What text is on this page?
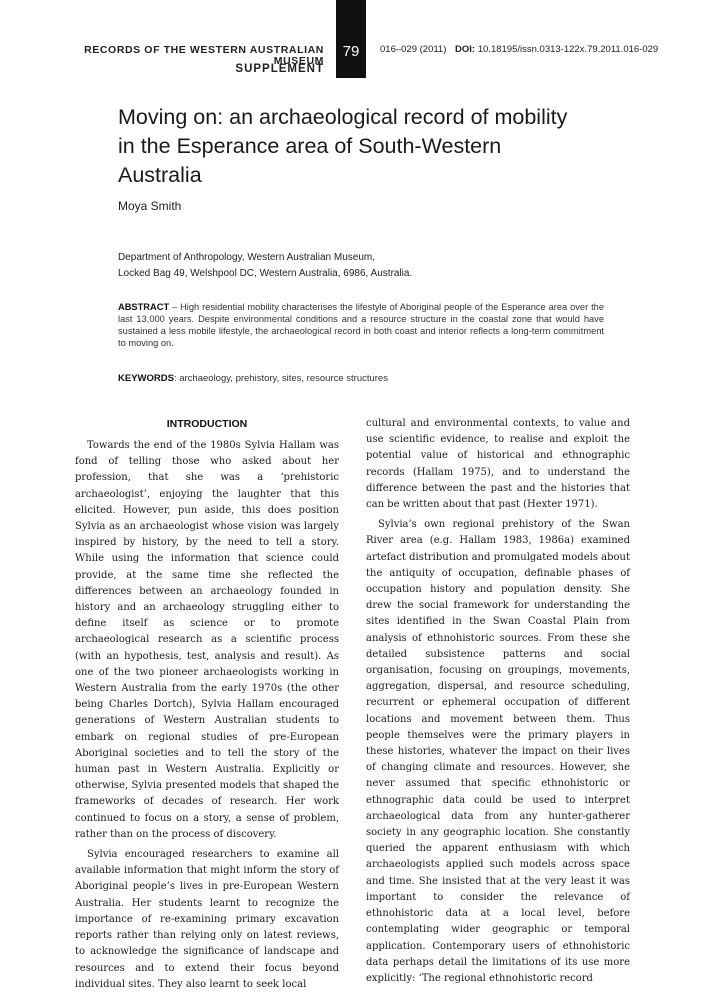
RECORDS OF THE WESTERN AUSTRALIAN MUSEUM
SUPPLEMENT
79	016–029 (2011) DOI: 10.18195/issn.0313-122x.79.2011.016-029
Moving on: an archaeological record of mobility in the Esperance area of South-Western Australia
Moya Smith
Department of Anthropology, Western Australian Museum,
Locked Bag 49, Welshpool DC, Western Australia, 6986, Australia.

ABSTRACT – High residential mobility characterises the lifestyle of Aboriginal people of the Esperance area over the last 13,000 years. Despite environmental conditions and a resource structure in the coastal zone that would have sustained a less mobile lifestyle, the archaeological record in both coast and interior reflects a long-term commitment to moving on.

KEYWORDS: archaeology, prehistory, sites, resource structures

INTRODUCTION

Towards the end of the 1980s Sylvia Hallam was fond of telling those who asked about her profession, that she was a ‘prehistoric archaeologist’, enjoying the laughter that this elicited. However, pun aside, this does position Sylvia as an archaeologist whose vision was largely inspired by history, by the need to tell a story. While using the information that science could provide, at the same time she reflected the differences between an archaeology founded in history and an archaeology struggling either to define itself as science or to promote archaeological research as a scientific process (with an hypothesis, test, analysis and result). As one of the two pioneer archaeologists working in Western Australia from the early 1970s (the other being Charles Dortch), Sylvia Hallam encouraged generations of Western Australian students to embark on regional studies of pre-European Aboriginal societies and to tell the story of the human past in Western Australia. Explicitly or otherwise, Sylvia presented models that shaped the frameworks of decades of research. Her work continued to focus on a story, a sense of problem, rather than on the process of discovery.

Sylvia encouraged researchers to examine all available information that might inform the story of Aboriginal people’s lives in pre-European Western Australia. Her students learnt to recognize the importance of re-examining primary excavation reports rather than relying only on latest reviews, to acknowledge the significance of landscape and resources and to extend their focus beyond individual sites. They also learnt to seek local

cultural and environmental contexts, to value and use scientific evidence, to realise and exploit the potential value of historical and ethnographic records (Hallam 1975), and to understand the difference between the past and the histories that can be written about that past (Hexter 1971).

Sylvia’s own regional prehistory of the Swan River area (e.g. Hallam 1983, 1986a) examined artefact distribution and promulgated models about the antiquity of occupation, definable phases of occupation history and population density. She drew the social framework for understanding the sites identified in the Swan Coastal Plain from analysis of ethnohistoric sources. From these she detailed subsistence patterns and social organisation, focusing on groupings, movements, aggregation, dispersal, and resource scheduling, recurrent or ephemeral occupation of different locations and movement between them. Thus people themselves were the primary players in these histories, whatever the impact on their lives of changing climate and resources. However, she never assumed that specific ethnohistoric or ethnographic data could be used to interpret archaeological data from any hunter-gatherer society in any geographic location. She constantly queried the apparent enthusiasm with which archaeologists applied such models across space and time. She insisted that at the very least it was important to consider the relevance of ethnohistoric data at a local level, before contemplating wider geographic or temporal application. Contemporary users of ethnohistoric data perhaps detail the limitations of its use more explicitly: ‘The regional ethnohistoric record
